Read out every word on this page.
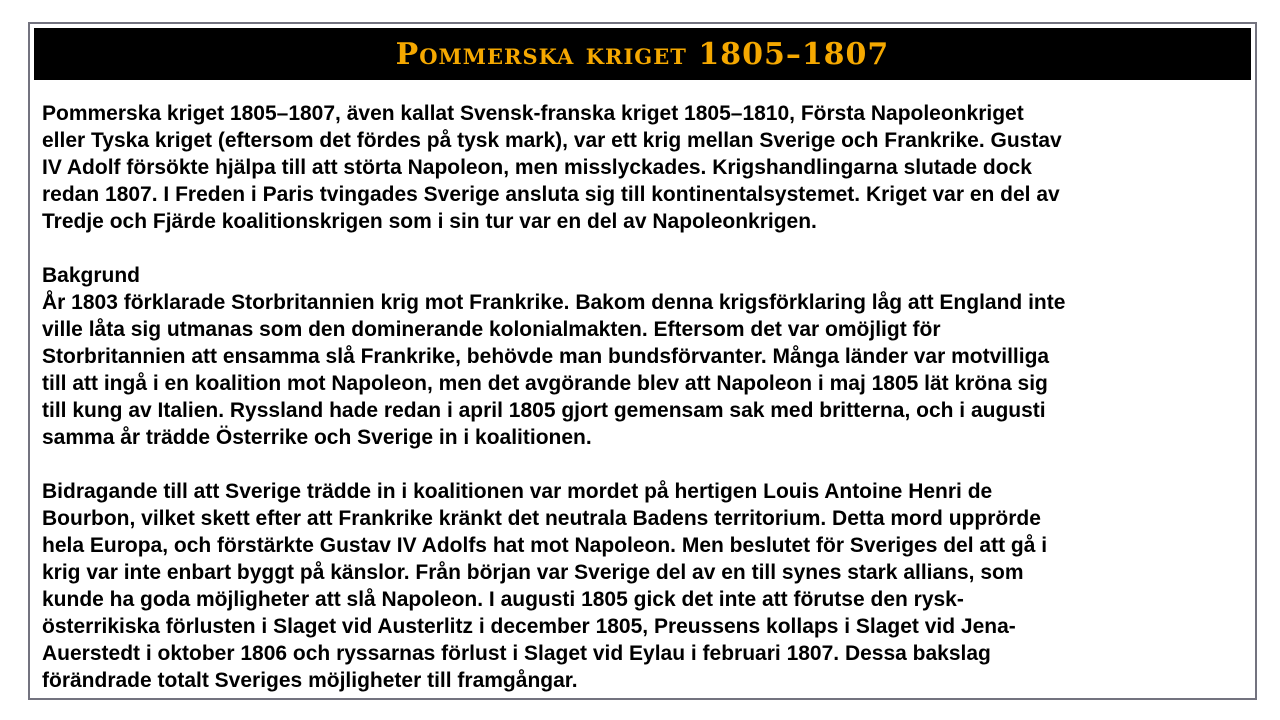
Pommerska kriget 1805–1807
Pommerska kriget 1805–1807, även kallat Svensk-franska kriget 1805–1810, Första Napoleonkriget
eller Tyska kriget (eftersom det fördes på tysk mark), var ett krig mellan Sverige och Frankrike. Gustav
IV Adolf försökte hjälpa till att störta Napoleon, men misslyckades. Krigshandlingarna slutade dock
redan 1807. I Freden i Paris tvingades Sverige ansluta sig till kontinentalsystemet. Kriget var en del av
Tredje och Fjärde koalitionskrigen som i sin tur var en del av Napoleonkrigen.
Bakgrund
År 1803 förklarade Storbritannien krig mot Frankrike. Bakom denna krigsförklaring låg att England inte
ville låta sig utmanas som den dominerande kolonialmakten. Eftersom det var omöjligt för
Storbritannien att ensamma slå Frankrike, behövde man bundsförvanter. Många länder var motvilliga
till att ingå i en koalition mot Napoleon, men det avgörande blev att Napoleon i maj 1805 lät kröna sig
till kung av Italien. Ryssland hade redan i april 1805 gjort gemensam sak med britterna, och i augusti
samma år trädde Österrike och Sverige in i koalitionen.
Bidragande till att Sverige trädde in i koalitionen var mordet på hertigen Louis Antoine Henri de
Bourbon, vilket skett efter att Frankrike kränkt det neutrala Badens territorium. Detta mord upprörde
hela Europa, och förstärkte Gustav IV Adolfs hat mot Napoleon. Men beslutet för Sveriges del att gå i
krig var inte enbart byggt på känslor. Från början var Sverige del av en till synes stark allians, som
kunde ha goda möjligheter att slå Napoleon. I augusti 1805 gick det inte att förutse den rysk-
österrikiska förlusten i Slaget vid Austerlitz i december 1805, Preussens kollaps i Slaget vid Jena-
Auerstedt i oktober 1806 och ryssarnas förlust i Slaget vid Eylau i februari 1807. Dessa bakslag
förändrade totalt Sveriges möjligheter till framgångar.
